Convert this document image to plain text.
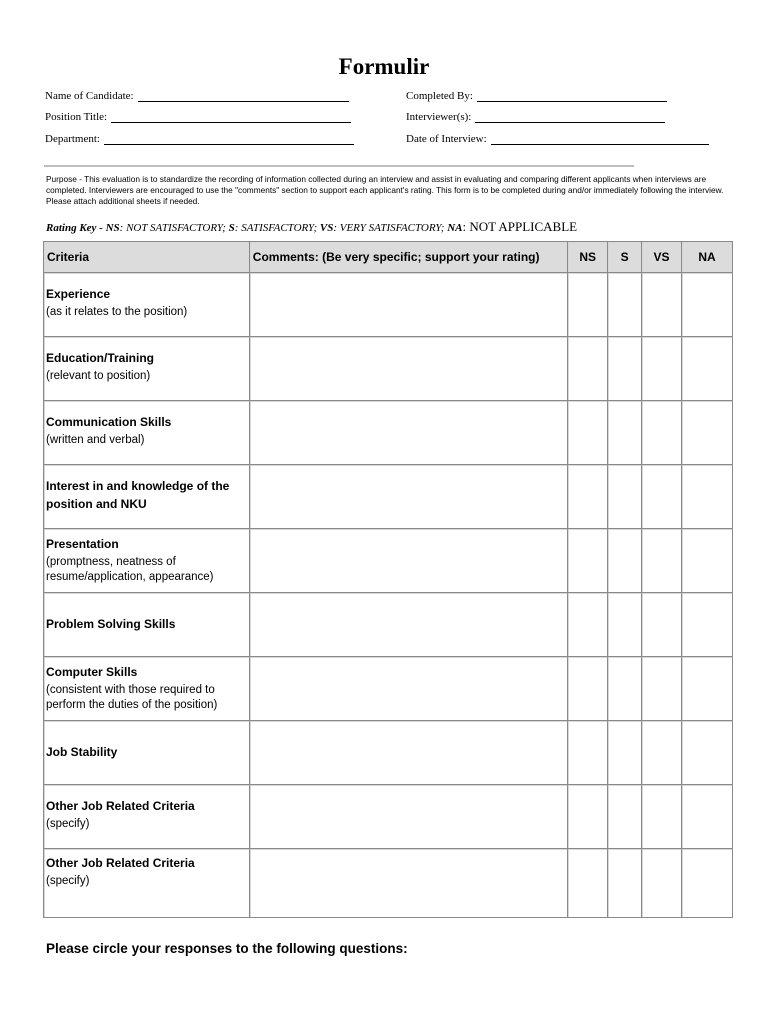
Formulir
Name of Candidate:
Position Title:
Department:
Completed By:
Interviewer(s):
Date of Interview:
Purpose - This evaluation is to standardize the recording of information collected during an interview and assist in evaluating and comparing different applicants when interviews are completed. Interviewers are encouraged to use the "comments" section to support each applicant's rating. This form is to be completed during and/or immediately following the interview. Please attach additional sheets if needed.
Rating Key - NS: NOT SATISFACTORY; S: SATISFACTORY; VS: VERY SATISFACTORY; NA: NOT APPLICABLE
Criteria	Comments: (Be very specific; support your rating)	NS	S	VS	NA

Experience
(as it relates to the position)					

Education/Training
(relevant to position)					

Communication Skills
(written and verbal)					

Interest in and knowledge of the position and NKU					

Presentation
(promptness, neatness of resume/application, appearance)					

Problem Solving Skills					

Computer Skills
(consistent with those required to perform the duties of the position)					

Job Stability					

Other Job Related Criteria
(specify)					

Other Job Related Criteria
(specify)					

Please circle your responses to the following questions:
